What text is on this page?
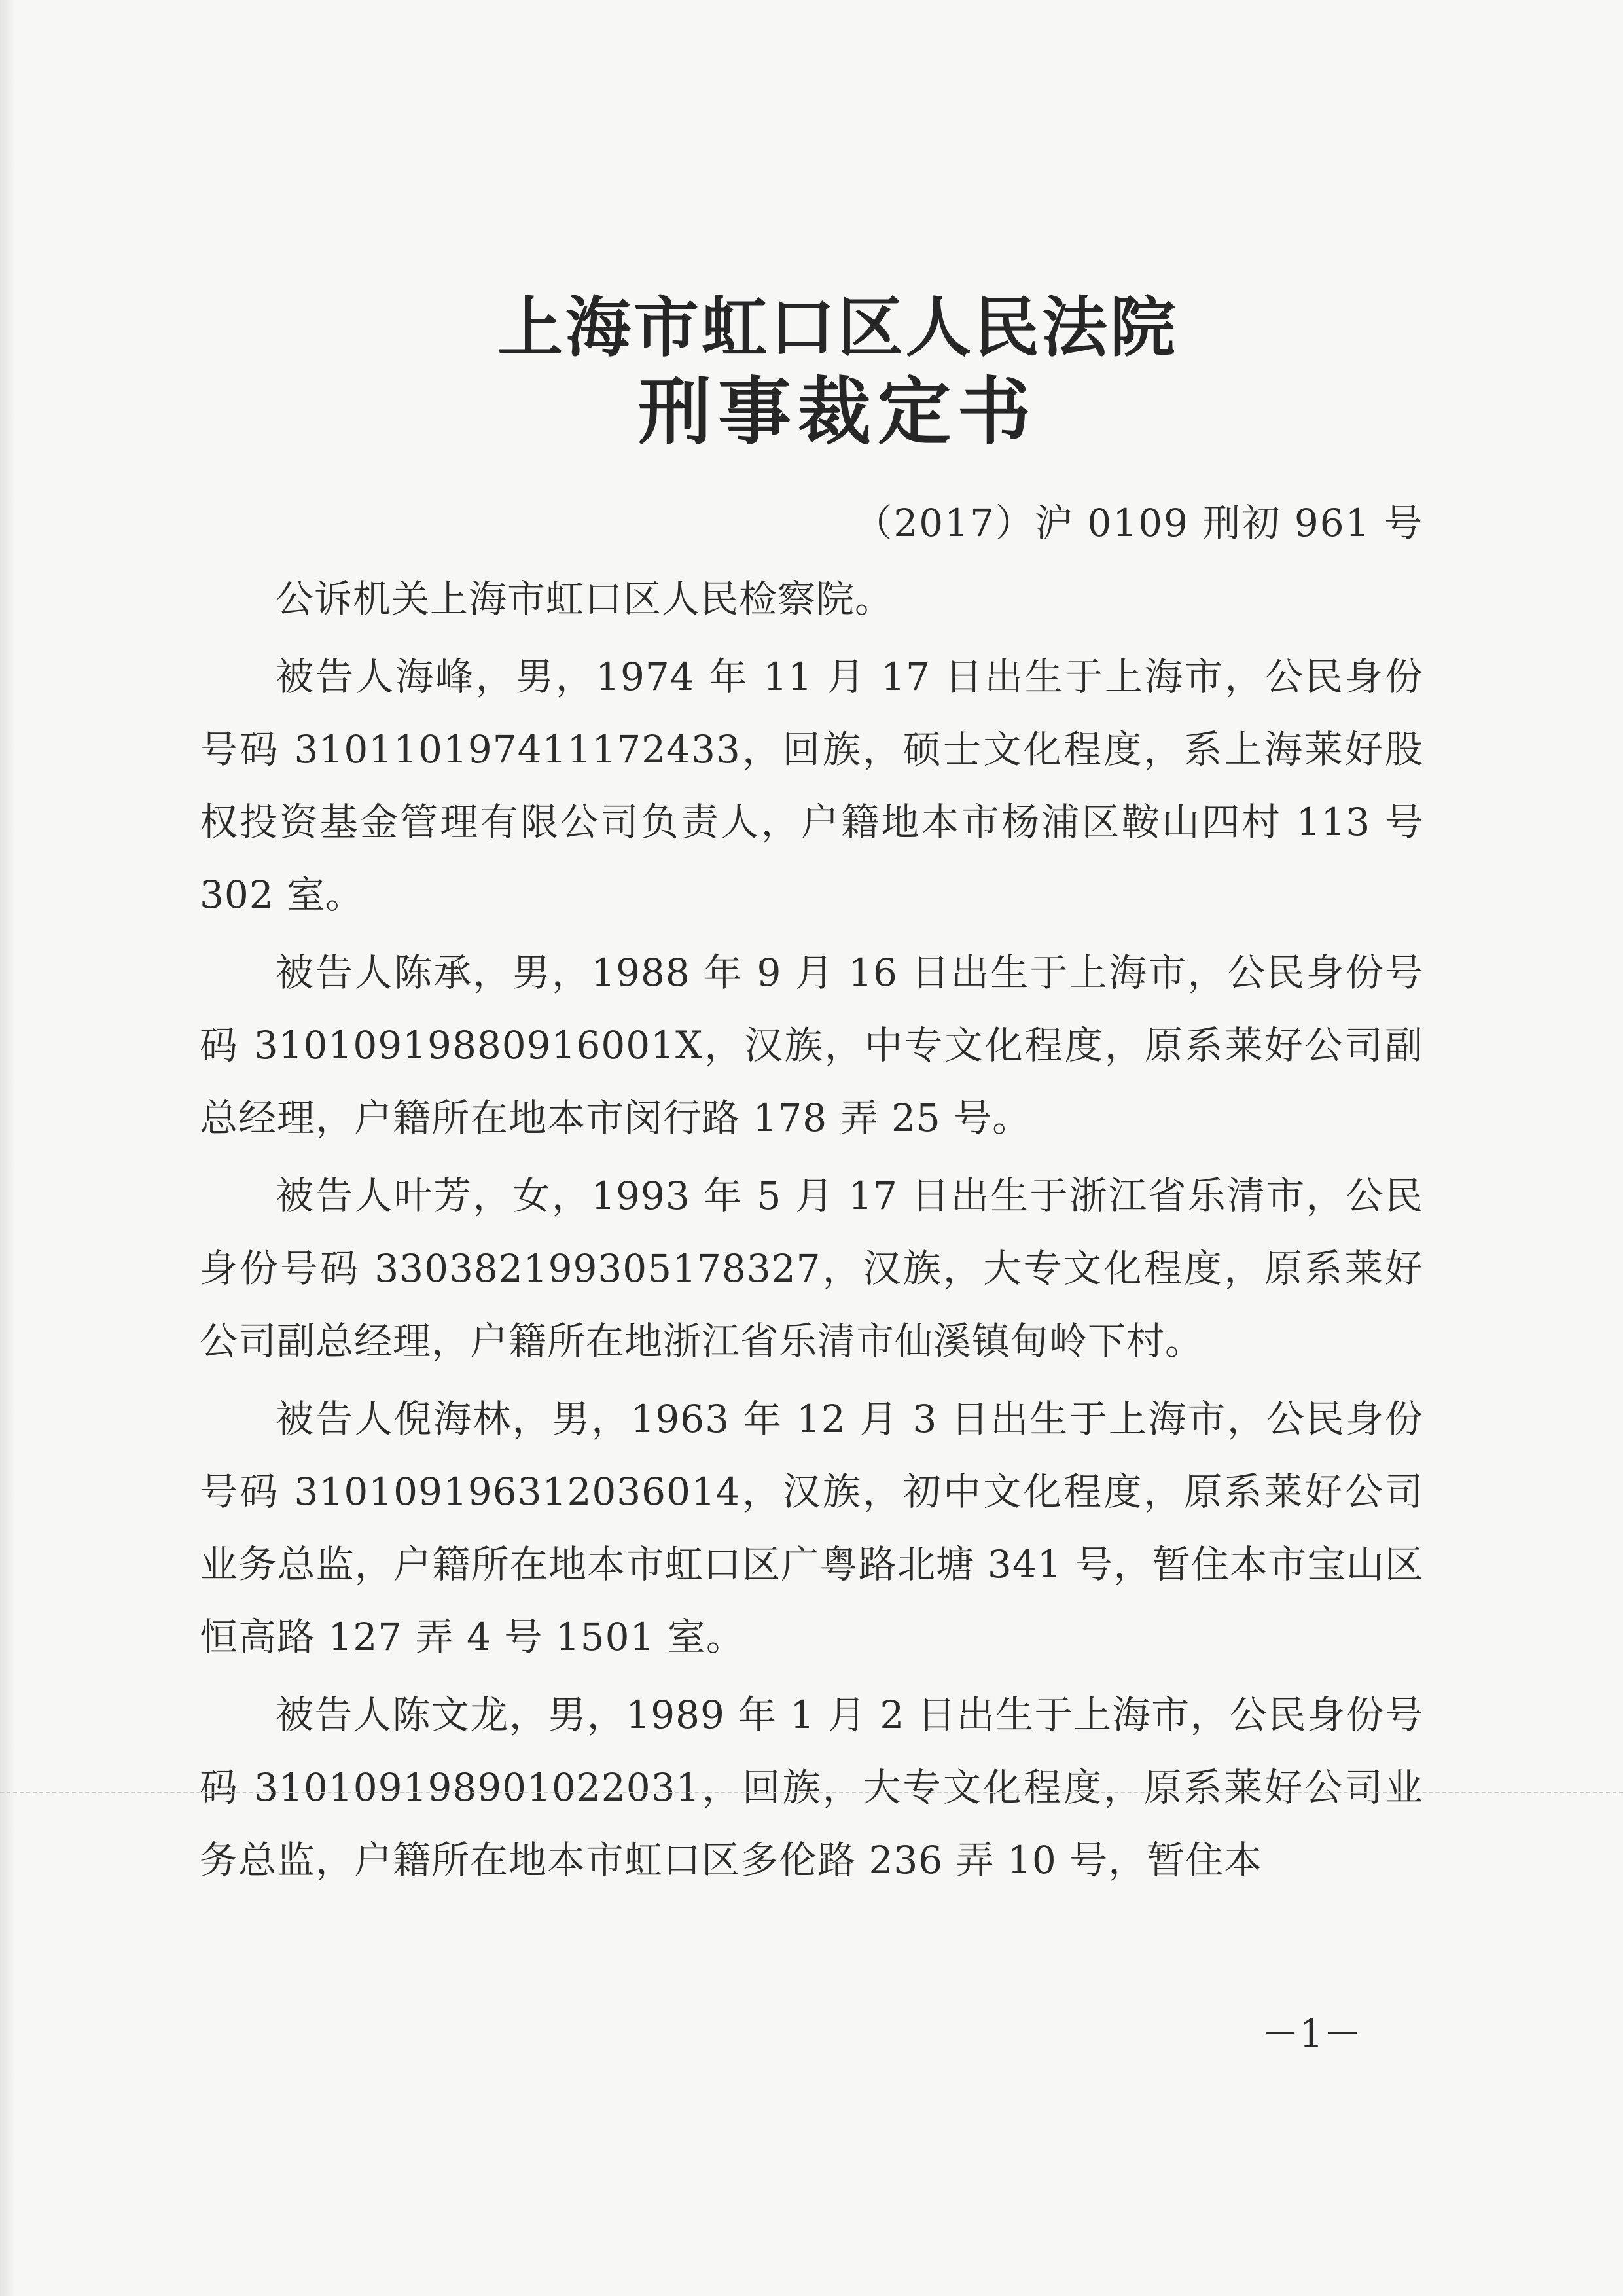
上海市虹口区人民法院
刑事裁定书
（2017）沪 0109 刑初 961 号

公诉机关上海市虹口区人民检察院。

被告人海峰，男，1974 年 11 月 17 日出生于上海市，公民身份号码 310110197411172433，回族，硕士文化程度，系上海莱好股权投资基金管理有限公司负责人，户籍地本市杨浦区鞍山四村 113 号 302 室。

被告人陈承，男，1988 年 9 月 16 日出生于上海市，公民身份号码 31010919880916001X，汉族，中专文化程度，原系莱好公司副总经理，户籍所在地本市闵行路 178 弄 25 号。

被告人叶芳，女，1993 年 5 月 17 日出生于浙江省乐清市，公民身份号码 330382199305178327，汉族，大专文化程度，原系莱好公司副总经理，户籍所在地浙江省乐清市仙溪镇甸岭下村。

被告人倪海林，男，1963 年 12 月 3 日出生于上海市，公民身份号码 310109196312036014，汉族，初中文化程度，原系莱好公司业务总监，户籍所在地本市虹口区广粤路北塘 341 号，暂住本市宝山区恒高路 127 弄 4 号 1501 室。

被告人陈文龙，男，1989 年 1 月 2 日出生于上海市，公民身份号码 310109198901022031，回族，大专文化程度，原系莱好公司业务总监，户籍所在地本市虹口区多伦路 236 弄 10 号，暂住本

－1－
